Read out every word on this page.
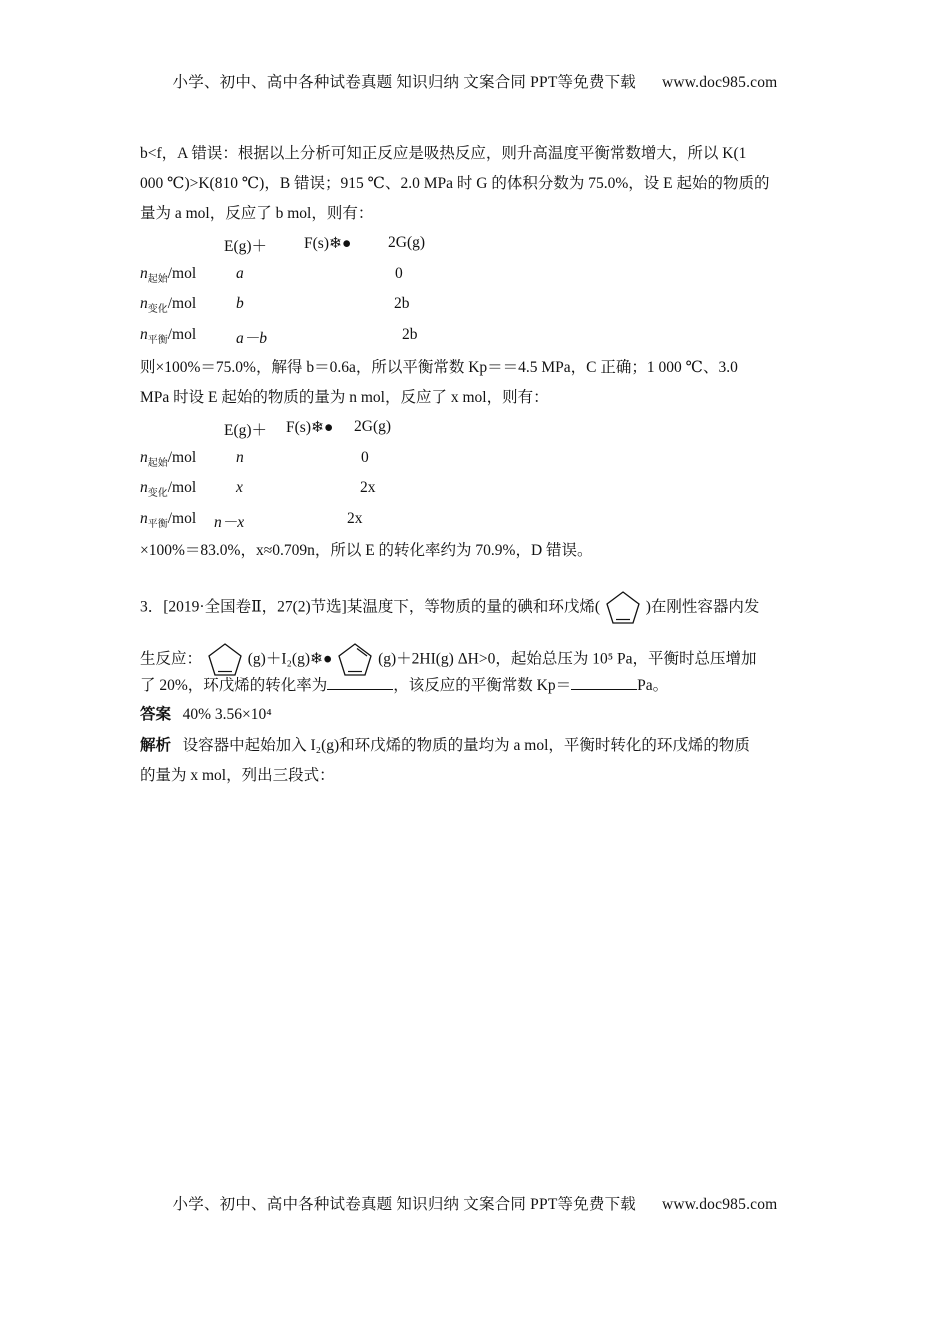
小学、初中、高中各种试卷真题 知识归纳 文案合同 PPT等免费下载 www.doc985.com
b<f，A 错误：根据以上分析可知正反应是吸热反应，则升高温度平衡常数增大，所以 K(1
000 ℃)>K(810 ℃)，B 错误；915 ℃、2.0 MPa 时 G 的体积分数为 75.0%，设 E 起始的物质的
量为 a mol，反应了 b mol，则有：
E(g)＋ F(s)❄● 2G(g)
$n_{起始}$/mol	a	0
$n_{变化}$/mol	b	2b
$n_{平衡}$/mol	a－b	2b
则×100%＝75.0%，解得 b＝0.6a，所以平衡常数 Kp＝＝4.5 MPa，C 正确；1 000 ℃、3.0
MPa 时设 E 起始的物质的量为 n mol，反应了 x mol，则有：
E(g)＋ F(s)❄● 2G(g)
$n_{起始}$/mol	n	0
$n_{变化}$/mol	x	2x
$n_{平衡}$/mol n－x	2x
×100%＝83.0%，x≈0.709n，所以 E 的转化率约为 70.9%，D 错误。
3．[2019·全国卷Ⅱ，27(2)节选]某温度下，等物质的量的碘和环戊烯(	)在刚性容器内发
生反应：	(g)＋I₂(g)❄●	(g)＋2HI(g) ΔH>0，起始总压为 10⁵ Pa，平衡时总压增加
了 20%，环戊烯的转化率为	，该反应的平衡常数 Kp＝	Pa。
答案 40% 3.56×10⁴
解析 设容器中起始加入 I₂(g)和环戊烯的物质的量均为 a mol，平衡时转化的环戊烯的物质
的量为 x mol，列出三段式：
小学、初中、高中各种试卷真题 知识归纳 文案合同 PPT等免费下载 www.doc985.com
